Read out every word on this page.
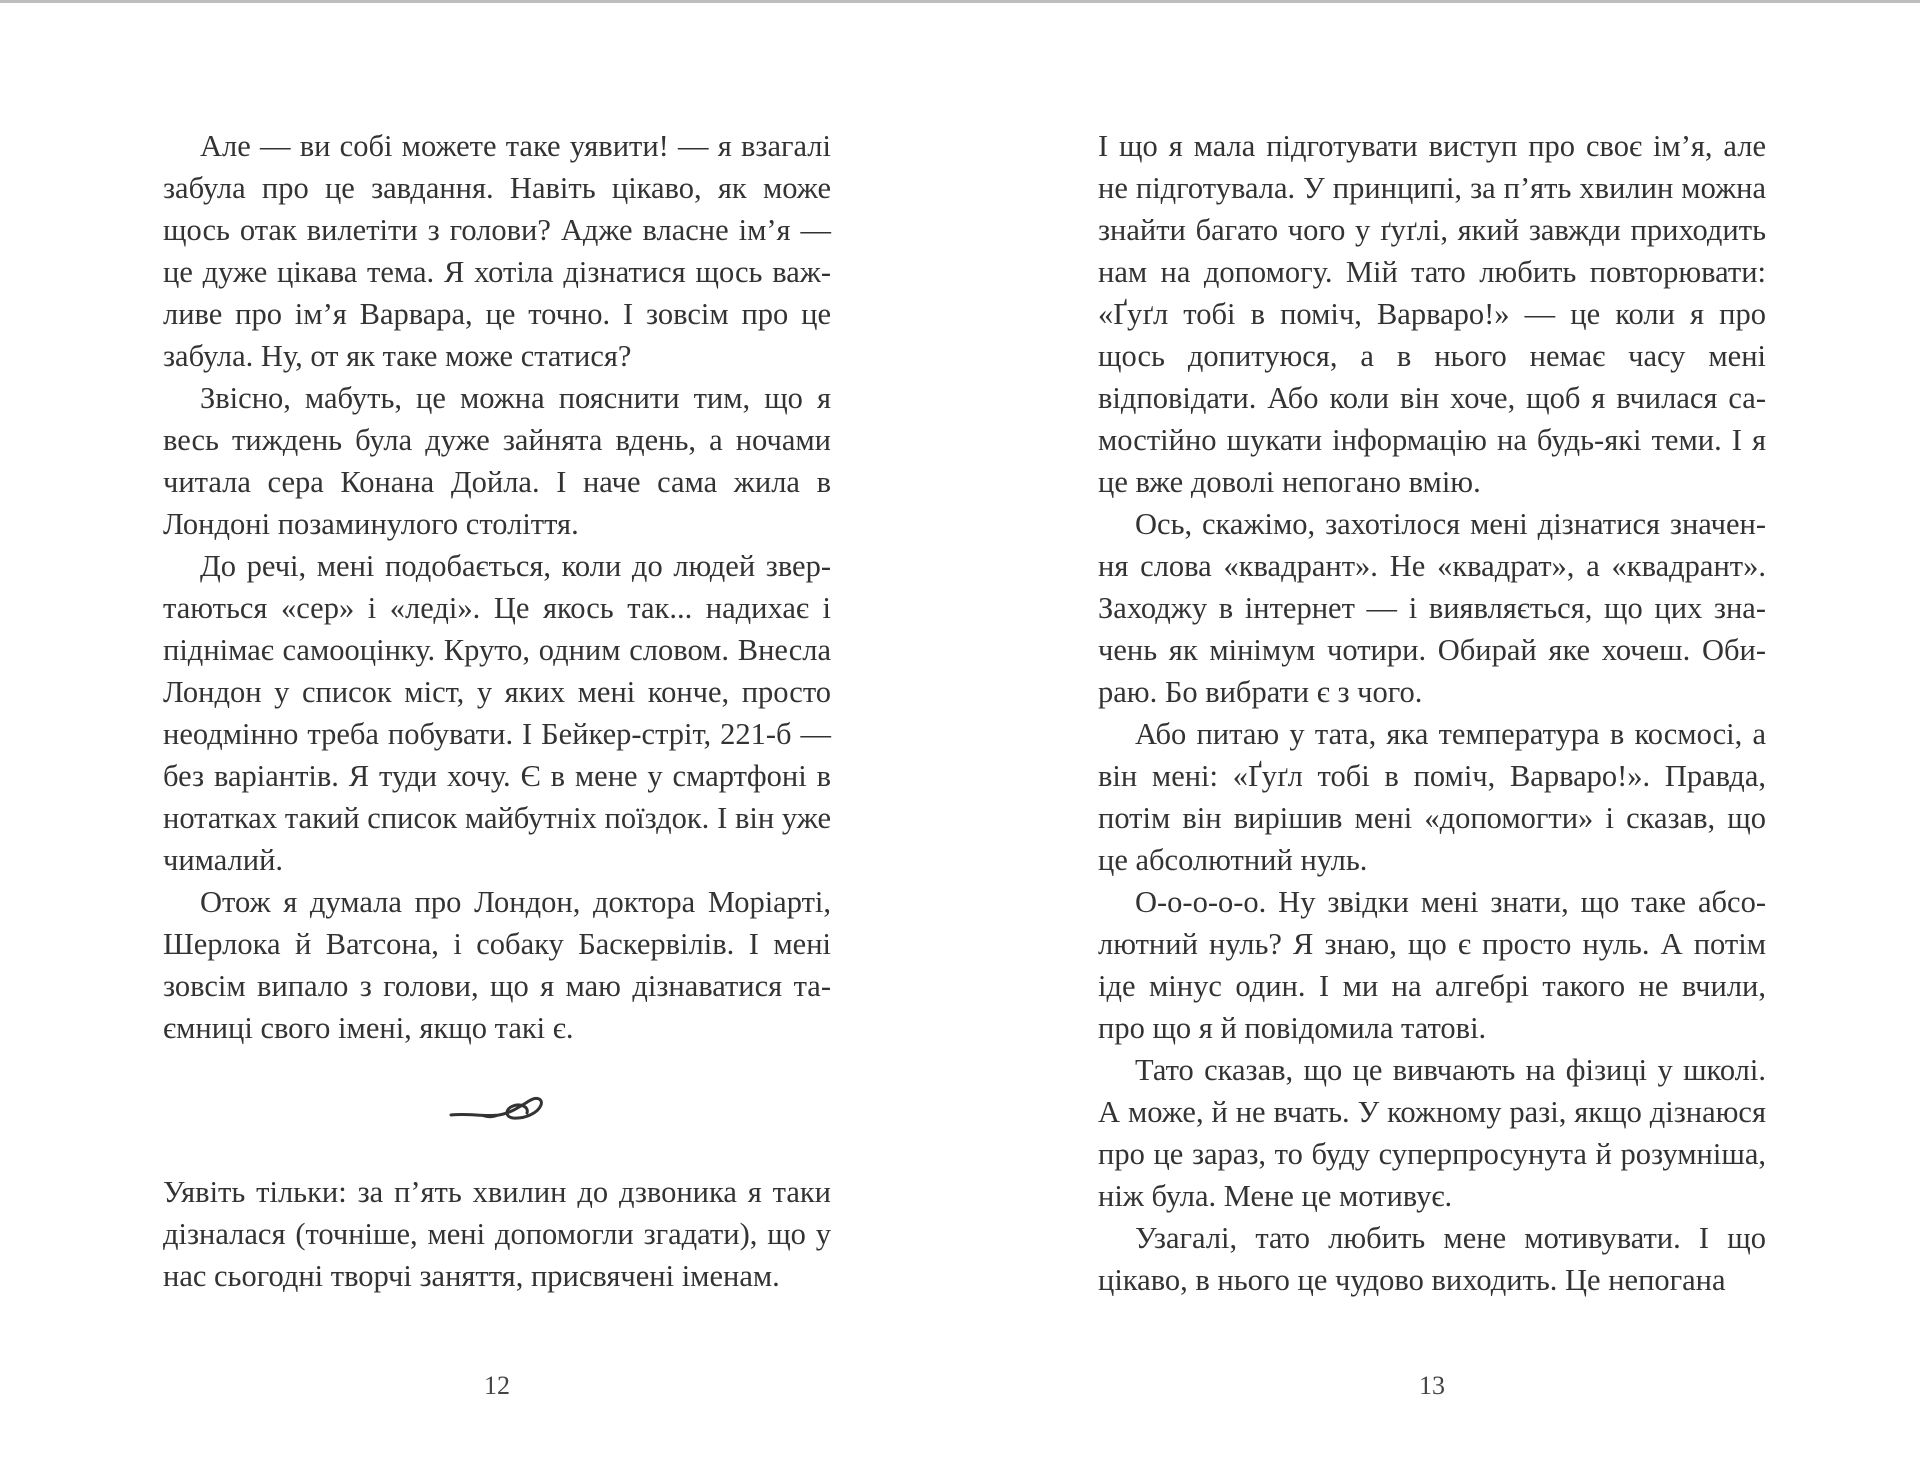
Але — ви собі можете таке уявити! — я взагалі забула про це завдання. Навіть цікаво, як може щось отак вилетіти з голови? Адже власне ім’я — це дуже цікава тема. Я хотіла дізнатися щось важливе про ім’я Варвара, це точно. І зовсім про це забула. Ну, от як таке може статися?

Звісно, мабуть, це можна пояснити тим, що я весь тиждень була дуже зайнята вдень, а ночами читала сера Конана Дойла. І наче сама жила в Лондоні позаминулого століття.

До речі, мені подобається, коли до людей звертаються «сер» і «леді». Це якось так... надихає і піднімає самооцінку. Круто, одним словом. Внесла Лондон у список міст, у яких мені конче, просто неодмінно треба побувати. І Бейкер-стріт, 221-б — без варіантів. Я туди хочу. Є в мене у смартфоні в нотатках такий список майбутніх поїздок. І він уже чималий.

Отож я думала про Лондон, доктора Моріарті, Шерлока й Ватсона, і собаку Баскервілів. І мені зовсім випало з голови, що я маю дізнаватися таємниці свого імені, якщо такі є.

Уявіть тільки: за п’ять хвилин до дзвоника я таки дізналася (точніше, мені допомогли згадати), що у нас сьогодні творчі заняття, присвячені іменам.

12

І що я мала підготувати виступ про своє ім’я, але не підготувала. У принципі, за п’ять хвилин можна знайти багато чого у ґуґлі, який завжди приходить нам на допомогу. Мій тато любить повторювати: «Ґуґл тобі в поміч, Варваро!» — це коли я про щось допитуюся, а в нього немає часу мені відповідати. Або коли він хоче, щоб я вчилася самостійно шукати інформацію на будь-які теми. І я це вже доволі непогано вмію.

Ось, скажімо, захотілося мені дізнатися значення слова «квадрант». Не «квадрат», а «квадрант». Заходжу в інтернет — і виявляється, що цих значень як мінімум чотири. Обирай яке хочеш. Обираю. Бо вибрати є з чого.

Або питаю у тата, яка температура в космосі, а він мені: «Ґуґл тобі в поміч, Варваро!». Правда, потім він вирішив мені «допомогти» і сказав, що це абсолютний нуль.

О-о-о-о-о. Ну звідки мені знати, що таке абсолютний нуль? Я знаю, що є просто нуль. А потім іде мінус один. І ми на алгебрі такого не вчили, про що я й повідомила татові.

Тато сказав, що це вивчають на фізиці у школі. А може, й не вчать. У кожному разі, якщо дізнаюся про це зараз, то буду суперпросунута й розумніша, ніж була. Мене це мотивує.

Узагалі, тато любить мене мотивувати. І що цікаво, в нього це чудово виходить. Це непогана

13
